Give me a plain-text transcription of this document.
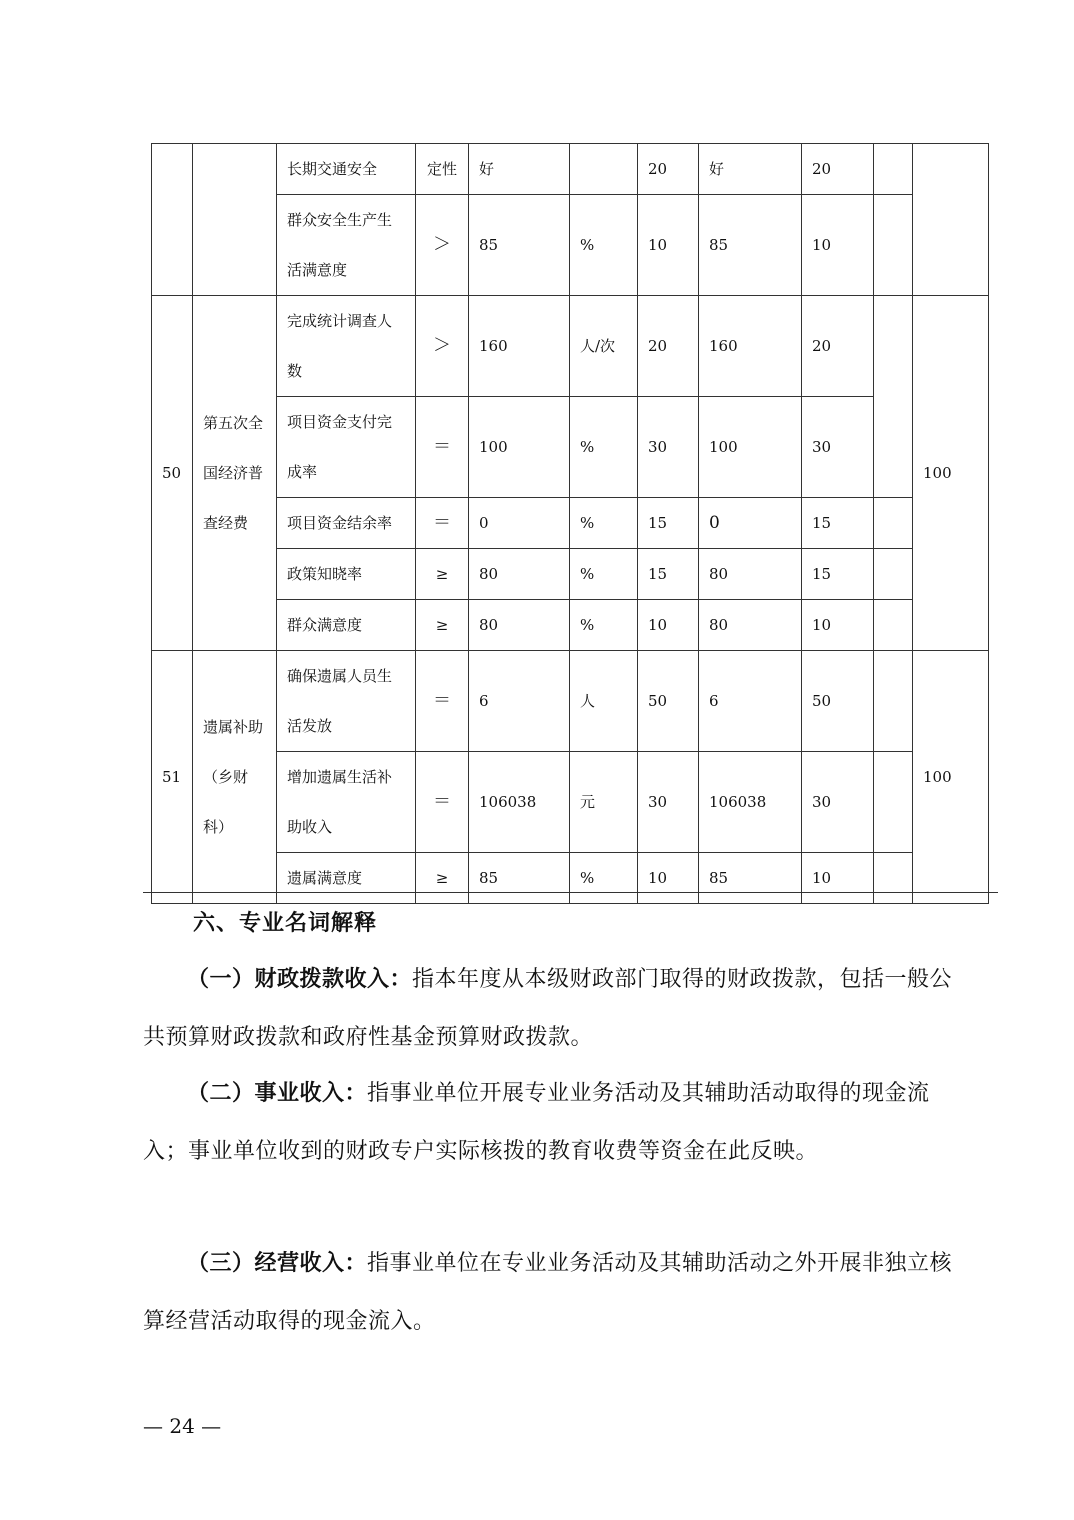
		长期交通安全	定性	好		20	好	20		
		群众安全生产生活满意度	＞	85	%	10	85	10		
50	第五次全国经济普查经费	完成统计调查人数	＞	160	人/次	20	160	20		100
		项目资金支付完成率	＝	100	%	30	100	30		
		项目资金结余率	＝	0	%	15	0	15		
		政策知晓率	≥	80	%	15	80	15		
		群众满意度	≥	80	%	10	80	10		
51	遗属补助（乡财科）	确保遗属人员生活发放	＝	6	人	50	6	50		100
		增加遗属生活补助收入	＝	106038	元	30	106038	30		
		遗属满意度	≥	85	%	10	85	10		
六、专业名词解释
（一）财政拨款收入：指本年度从本级财政部门取得的财政拨款，包括一般公共预算财政拨款和政府性基金预算财政拨款。
（二）事业收入：指事业单位开展专业业务活动及其辅助活动取得的现金流入；事业单位收到的财政专户实际核拨的教育收费等资金在此反映。
（三）经营收入：指事业单位在专业业务活动及其辅助活动之外开展非独立核算经营活动取得的现金流入。
— 24 —
